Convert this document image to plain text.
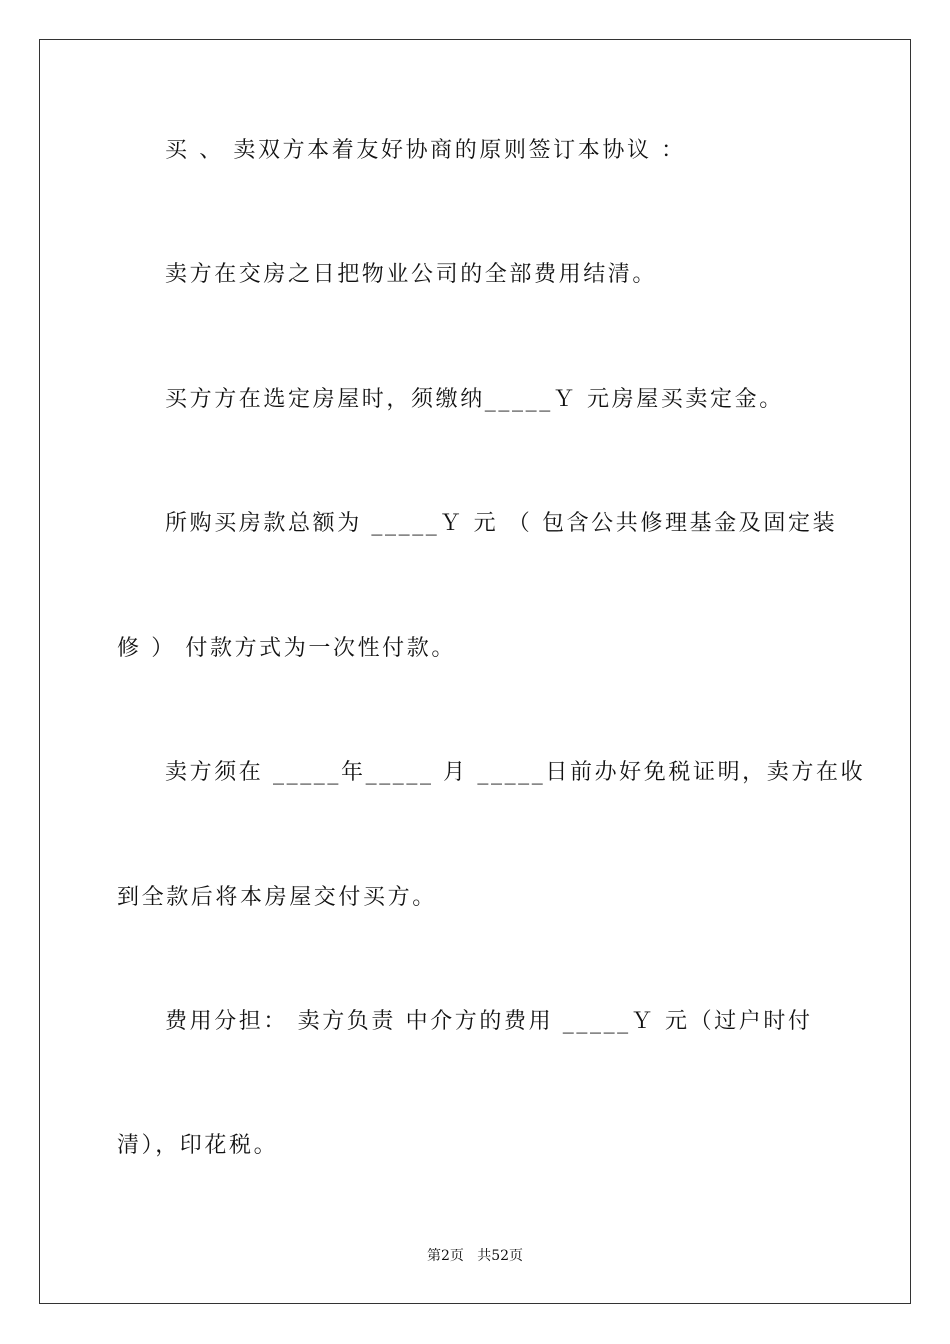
买 、 卖双方本着友好协商的原则签订本协议 ：
卖方在交房之日把物业公司的全部费用结清。
买方方在选定房屋时，须缴纳_____Ｙ 元房屋买卖定金。
所购买房款总额为 _____Ｙ 元 （ 包含公共修理基金及固定装
修 ） 付款方式为一次性付款。
卖方须在 _____年_____ 月 _____日前办好免税证明，卖方在收
到全款后将本房屋交付买方。
费用分担： 卖方负责 中介方的费用 _____Ｙ 元（过户时付
清），印花税。
第2页   共52页
